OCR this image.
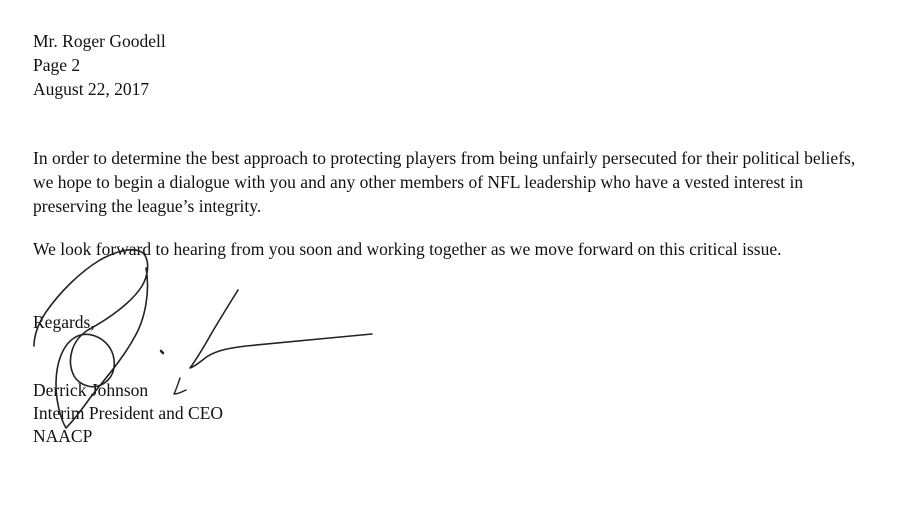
Mr. Roger Goodell
Page 2
August 22, 2017

In order to determine the best approach to protecting players from being unfairly persecuted for their political beliefs, we hope to begin a dialogue with you and any other members of NFL leadership who have a vested interest in preserving the league’s integrity.

We look forward to hearing from you soon and working together as we move forward on this critical issue.

Regards,
Derrick Johnson
Interim President and CEO
NAACP
